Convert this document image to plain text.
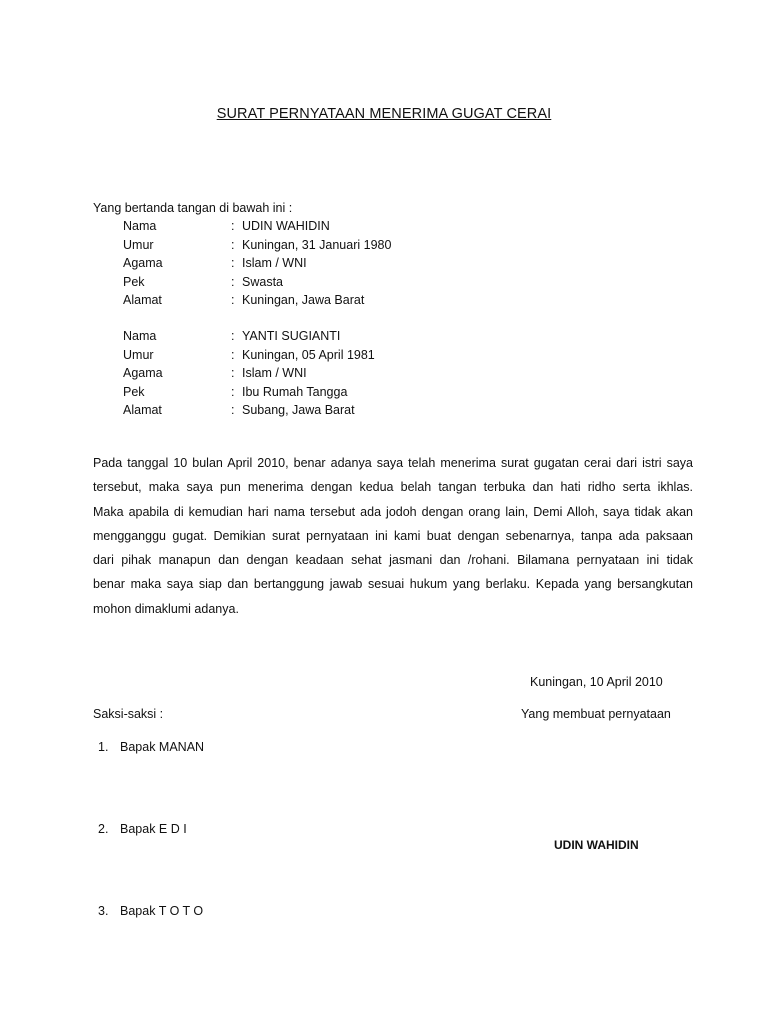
SURAT PERNYATAAN MENERIMA GUGAT CERAI
Yang bertanda tangan di bawah ini :
Nama	: UDIN WAHIDIN
Umur	: Kuningan, 31 Januari 1980
Agama	: Islam / WNI
Pek	: Swasta
Alamat	: Kuningan, Jawa Barat
Nama	: YANTI SUGIANTI
Umur	: Kuningan, 05 April 1981
Agama	: Islam / WNI
Pek	: Ibu Rumah Tangga
Alamat	: Subang, Jawa Barat
Pada tanggal 10 bulan April 2010, benar adanya saya telah menerima surat gugatan cerai dari istri saya
tersebut, maka saya pun menerima dengan kedua belah tangan terbuka dan hati ridho serta ikhlas.
Maka apabila di kemudian hari nama tersebut ada jodoh dengan orang lain, Demi Alloh, saya tidak akan
mengganggu gugat. Demikian surat pernyataan ini kami buat dengan sebenarnya, tanpa ada paksaan
dari pihak manapun dan dengan keadaan sehat jasmani dan /rohani. Bilamana pernyataan ini tidak
benar maka saya siap dan bertanggung jawab sesuai hukum yang berlaku. Kepada yang bersangkutan
mohon dimaklumi adanya.
Kuningan, 10 April 2010
Saksi-saksi :	Yang membuat pernyataan
1. Bapak MANAN
2. Bapak E D I
3. Bapak T O T O
UDIN WAHIDIN
